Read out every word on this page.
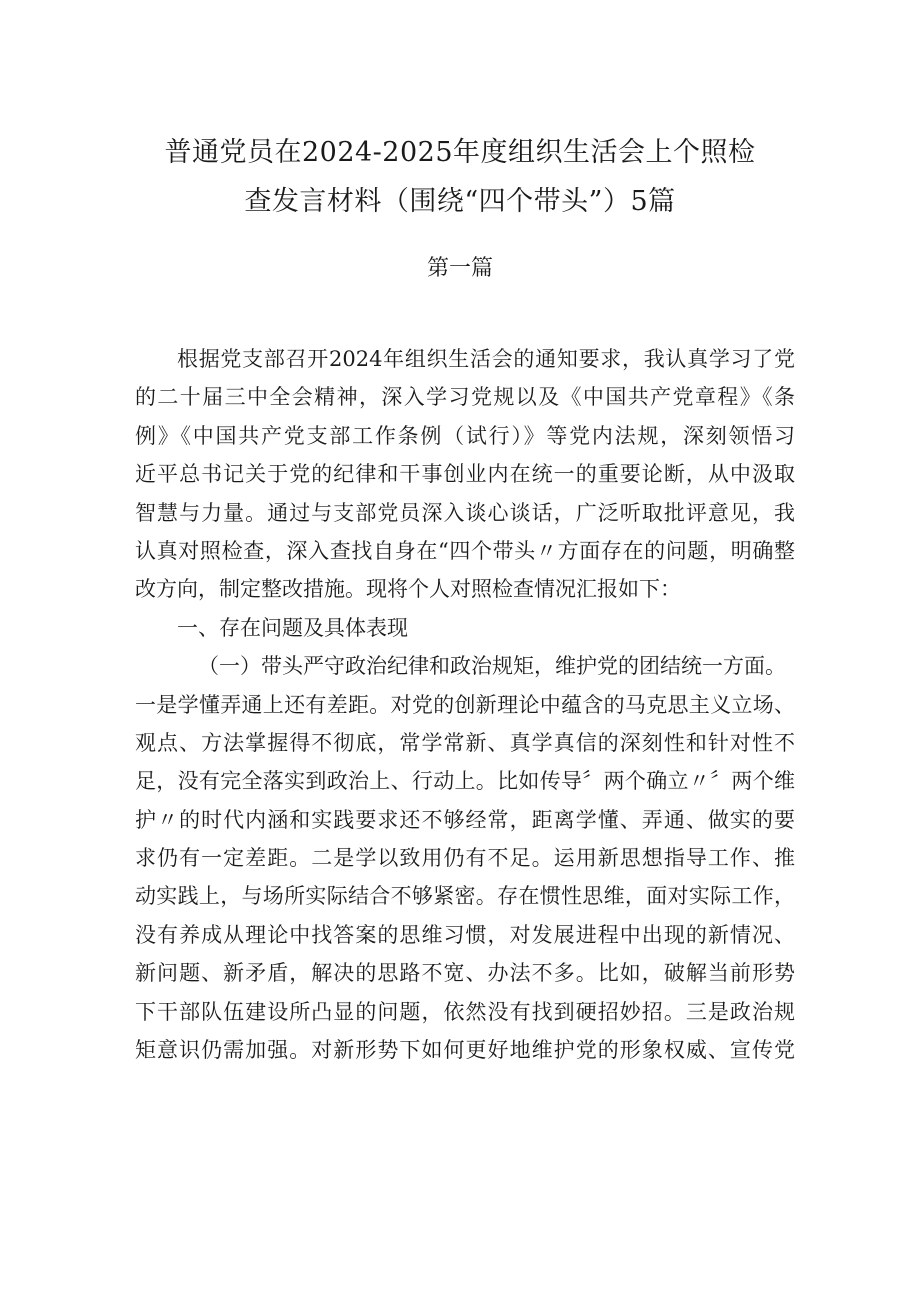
普通党员在2024-2025年度组织生活会上个照检
查发言材料（围绕“四个带头”）5篇
第一篇
根据党支部召开2024年组织生活会的通知要求，我认真学习了党
的二十届三中全会精神，深入学习党规以及《中国共产党章程》《条
例》《中国共产党支部工作条例（试行）》等党内法规，深刻领悟习
近平总书记关于党的纪律和干事创业内在统一的重要论断，从中汲取
智慧与力量。通过与支部党员深入谈心谈话，广泛听取批评意见，我
认真对照检查，深入查找自身在“四个带头〃方面存在的问题，明确整
改方向，制定整改措施。现将个人对照检查情况汇报如下：
一、存在问题及具体表现
（一）带头严守政治纪律和政治规矩，维护党的团结统一方面。
一是学懂弄通上还有差距。对党的创新理论中蕴含的马克思主义立场、
观点、方法掌握得不彻底，常学常新、真学真信的深刻性和针对性不
足，没有完全落实到政治上、行动上。比如传导〞两个确立〃〞两个维
护〃的时代内涵和实践要求还不够经常，距离学懂、弄通、做实的要
求仍有一定差距。二是学以致用仍有不足。运用新思想指导工作、推
动实践上，与场所实际结合不够紧密。存在惯性思维，面对实际工作，
没有养成从理论中找答案的思维习惯，对发展进程中出现的新情况、
新问题、新矛盾，解决的思路不宽、办法不多。比如，破解当前形势
下干部队伍建设所凸显的问题，依然没有找到硬招妙招。三是政治规
矩意识仍需加强。对新形势下如何更好地维护党的形象权威、宣传党
